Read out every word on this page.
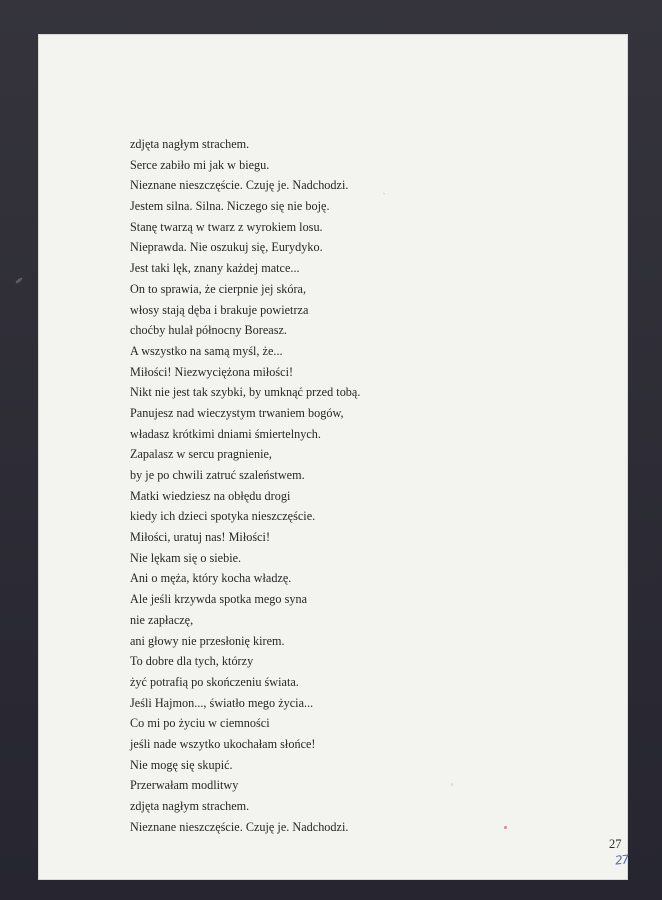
zdjęta nagłym strachem.
Serce zabiło mi jak w biegu.
Nieznane nieszczęście. Czuję je. Nadchodzi.
Jestem silna. Silna. Niczego się nie boję.
Stanę twarzą w twarz z wyrokiem losu.
Nieprawda. Nie oszukuj się, Eurydyko.
Jest taki lęk, znany każdej matce...
On to sprawia, że cierpnie jej skóra,
włosy stają dęba i brakuje powietrza
choćby hulał północny Boreasz.
A wszystko na samą myśl, że...
Miłości! Niezwyciężona miłości!
Nikt nie jest tak szybki, by umknąć przed tobą.
Panujesz nad wieczystym trwaniem bogów,
władasz krótkimi dniami śmiertelnych.
Zapalasz w sercu pragnienie,
by je po chwili zatruć szaleństwem.
Matki wiedziesz na obłędu drogi
kiedy ich dzieci spotyka nieszczęście.
Miłości, uratuj nas! Miłości!
Nie lękam się o siebie.
Ani o męża, który kocha władzę.
Ale jeśli krzywda spotka mego syna
nie zapłaczę,
ani głowy nie przesłonię kirem.
To dobre dla tych, którzy
żyć potrafią po skończeniu świata.
Jeśli Hajmon..., światło mego życia...
Co mi po życiu w ciemności
jeśli nade wszytko ukochałam słońce!
Nie mogę się skupić.
Przerwałam modlitwy
zdjęta nagłym strachem.
Nieznane nieszczęście. Czuję je. Nadchodzi.
27
27
